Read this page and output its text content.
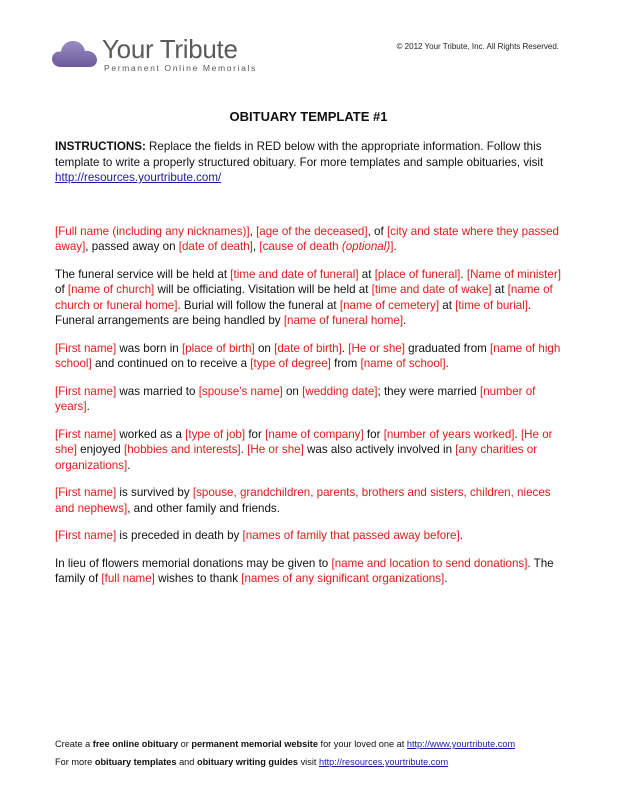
Your Tribute
Permanent Online Memorials
© 2012 Your Tribute, Inc. All Rights Reserved.
OBITUARY TEMPLATE #1

INSTRUCTIONS: Replace the fields in RED below with the appropriate information. Follow this template to write a properly structured obituary. For more templates and sample obituaries, visit http://resources.yourtribute.com/

[Full name (including any nicknames)], [age of the deceased], of [city and state where they passed away], passed away on [date of death], [cause of death (optional)].

The funeral service will be held at [time and date of funeral] at [place of funeral]. [Name of minister] of [name of church] will be officiating. Visitation will be held at [time and date of wake] at [name of church or funeral home]. Burial will follow the funeral at [name of cemetery] at [time of burial]. Funeral arrangements are being handled by [name of funeral home].

[First name] was born in [place of birth] on [date of birth]. [He or she] graduated from [name of high school] and continued on to receive a [type of degree] from [name of school].

[First name] was married to [spouse's name] on [wedding date]; they were married [number of years].

[First name] worked as a [type of job] for [name of company] for [number of years worked]. [He or she] enjoyed [hobbies and interests]. [He or she] was also actively involved in [any charities or organizations].

[First name] is survived by [spouse, grandchildren, parents, brothers and sisters, children, nieces and nephews], and other family and friends.

[First name] is preceded in death by [names of family that passed away before].

In lieu of flowers memorial donations may be given to [name and location to send donations]. The family of [full name] wishes to thank [names of any significant organizations].

Create a free online obituary or permanent memorial website for your loved one at http://www.yourtribute.com
For more obituary templates and obituary writing guides visit http://resources.yourtribute.com
